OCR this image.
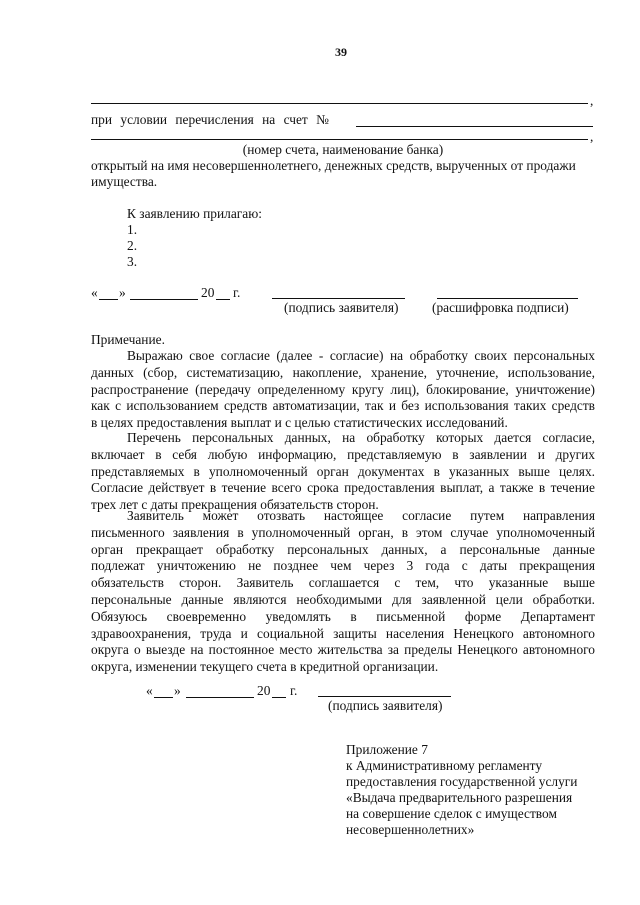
39
,
при условии перечисления на счет №
,
(номер счета, наименование банка)
открытый на имя несовершеннолетнего, денежных средств, вырученных от продажи
имущества.
К заявлению прилагаю:
1.
2.
3.
« »	20 г.
(подпись заявителя)	(расшифровка подписи)
Примечание.
Выражаю свое согласие (далее - согласие) на обработку своих персональных
данных (сбор, систематизацию, накопление, хранение, уточнение, использование,
распространение (передачу определенному кругу лиц), блокирование, уничтожение)
как с использованием средств автоматизации, так и без использования таких средств
в целях предоставления выплат и с целью статистических исследований.
Перечень персональных данных, на обработку которых дается согласие,
включает в себя любую информацию, представляемую в заявлении и других
представляемых в уполномоченный орган документах в указанных выше целях.
Согласие действует в течение всего срока предоставления выплат, а также в течение
трех лет с даты прекращения обязательств сторон.
Заявитель может отозвать настоящее согласие путем направления
письменного заявления в уполномоченный орган, в этом случае уполномоченный
орган прекращает обработку персональных данных, а персональные данные
подлежат уничтожению не позднее чем через 3 года с даты прекращения
обязательств сторон. Заявитель соглашается с тем, что указанные выше
персональные данные являются необходимыми для заявленной цели обработки.
Обязуюсь своевременно уведомлять в письменной форме Департамент
здравоохранения, труда и социальной защиты населения Ненецкого автономного
округа о выезде на постоянное место жительства за пределы Ненецкого автономного
округа, изменении текущего счета в кредитной организации.
« »	20 г.
(подпись заявителя)
Приложение 7
к Административному регламенту
предоставления государственной услуги
«Выдача предварительного разрешения
на совершение сделок с имуществом
несовершеннолетних»
